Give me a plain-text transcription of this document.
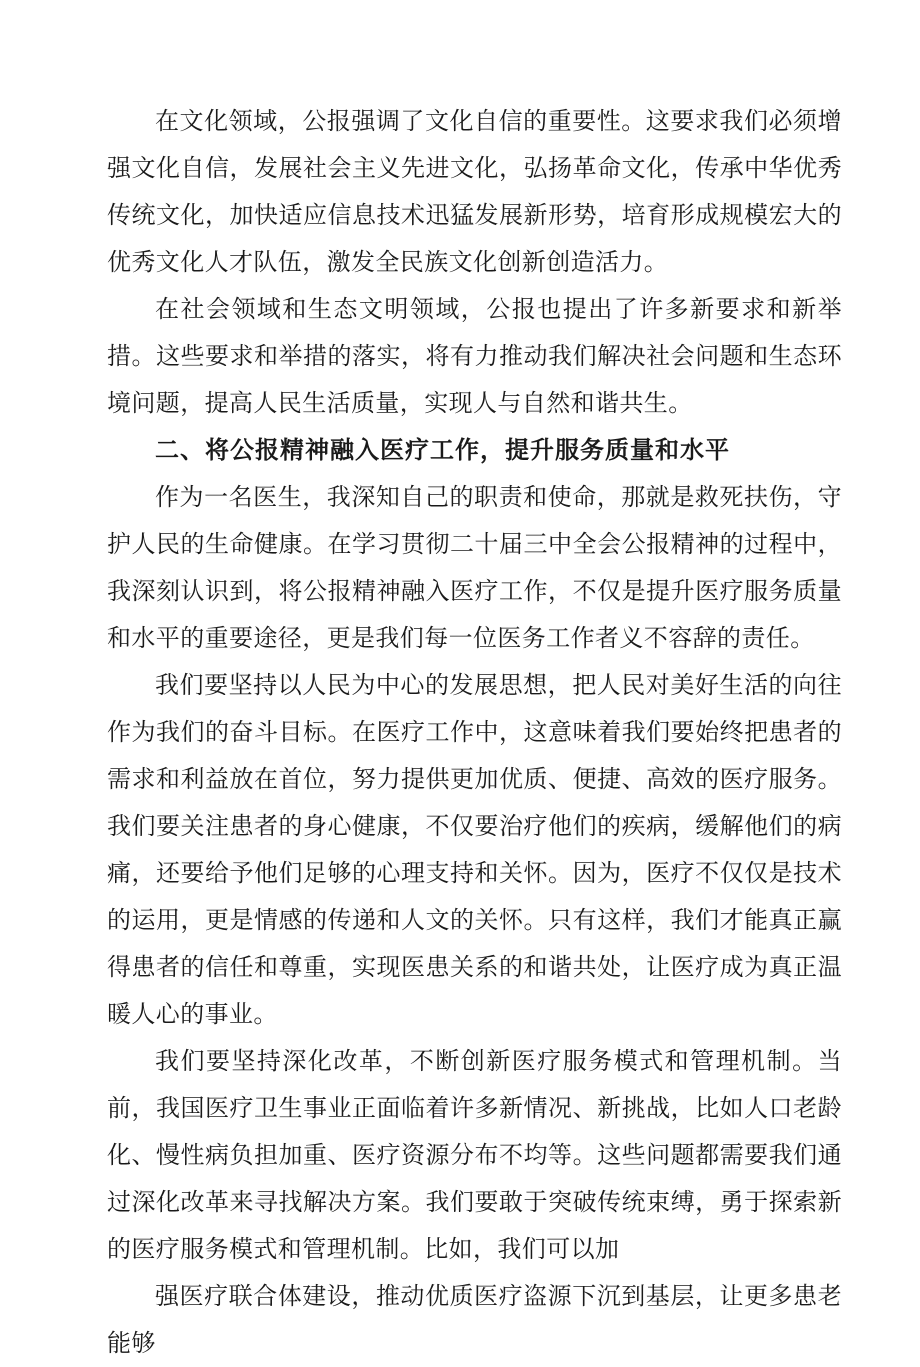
在文化领域，公报强调了文化自信的重要性。这要求我们必须增强文化自信，发展社会主义先进文化，弘扬革命文化，传承中华优秀传统文化，加快适应信息技术迅猛发展新形势，培育形成规模宏大的优秀文化人才队伍，激发全民族文化创新创造活力。

在社会领域和生态文明领域，公报也提出了许多新要求和新举措。这些要求和举措的落实，将有力推动我们解决社会问题和生态环境问题，提高人民生活质量，实现人与自然和谐共生。

二、将公报精神融入医疗工作，提升服务质量和水平

作为一名医生，我深知自己的职责和使命，那就是救死扶伤，守护人民的生命健康。在学习贯彻二十届三中全会公报精神的过程中，我深刻认识到，将公报精神融入医疗工作，不仅是提升医疗服务质量和水平的重要途径，更是我们每一位医务工作者义不容辞的责任。

我们要坚持以人民为中心的发展思想，把人民对美好生活的向往作为我们的奋斗目标。在医疗工作中，这意味着我们要始终把患者的需求和利益放在首位，努力提供更加优质、便捷、高效的医疗服务。我们要关注患者的身心健康，不仅要治疗他们的疾病，缓解他们的病痛，还要给予他们足够的心理支持和关怀。因为，医疗不仅仅是技术的运用，更是情感的传递和人文的关怀。只有这样，我们才能真正赢得患者的信任和尊重，实现医患关系的和谐共处，让医疗成为真正温暖人心的事业。

我们要坚持深化改革，不断创新医疗服务模式和管理机制。当前，我国医疗卫生事业正面临着许多新情况、新挑战，比如人口老龄化、慢性病负担加重、医疗资源分布不均等。这些问题都需要我们通过深化改革来寻找解决方案。我们要敢于突破传统束缚，勇于探索新的医疗服务模式和管理机制。比如，我们可以加

强医疗联合体建设，推动优质医疗盗源下沉到基层，让更多患老能够
